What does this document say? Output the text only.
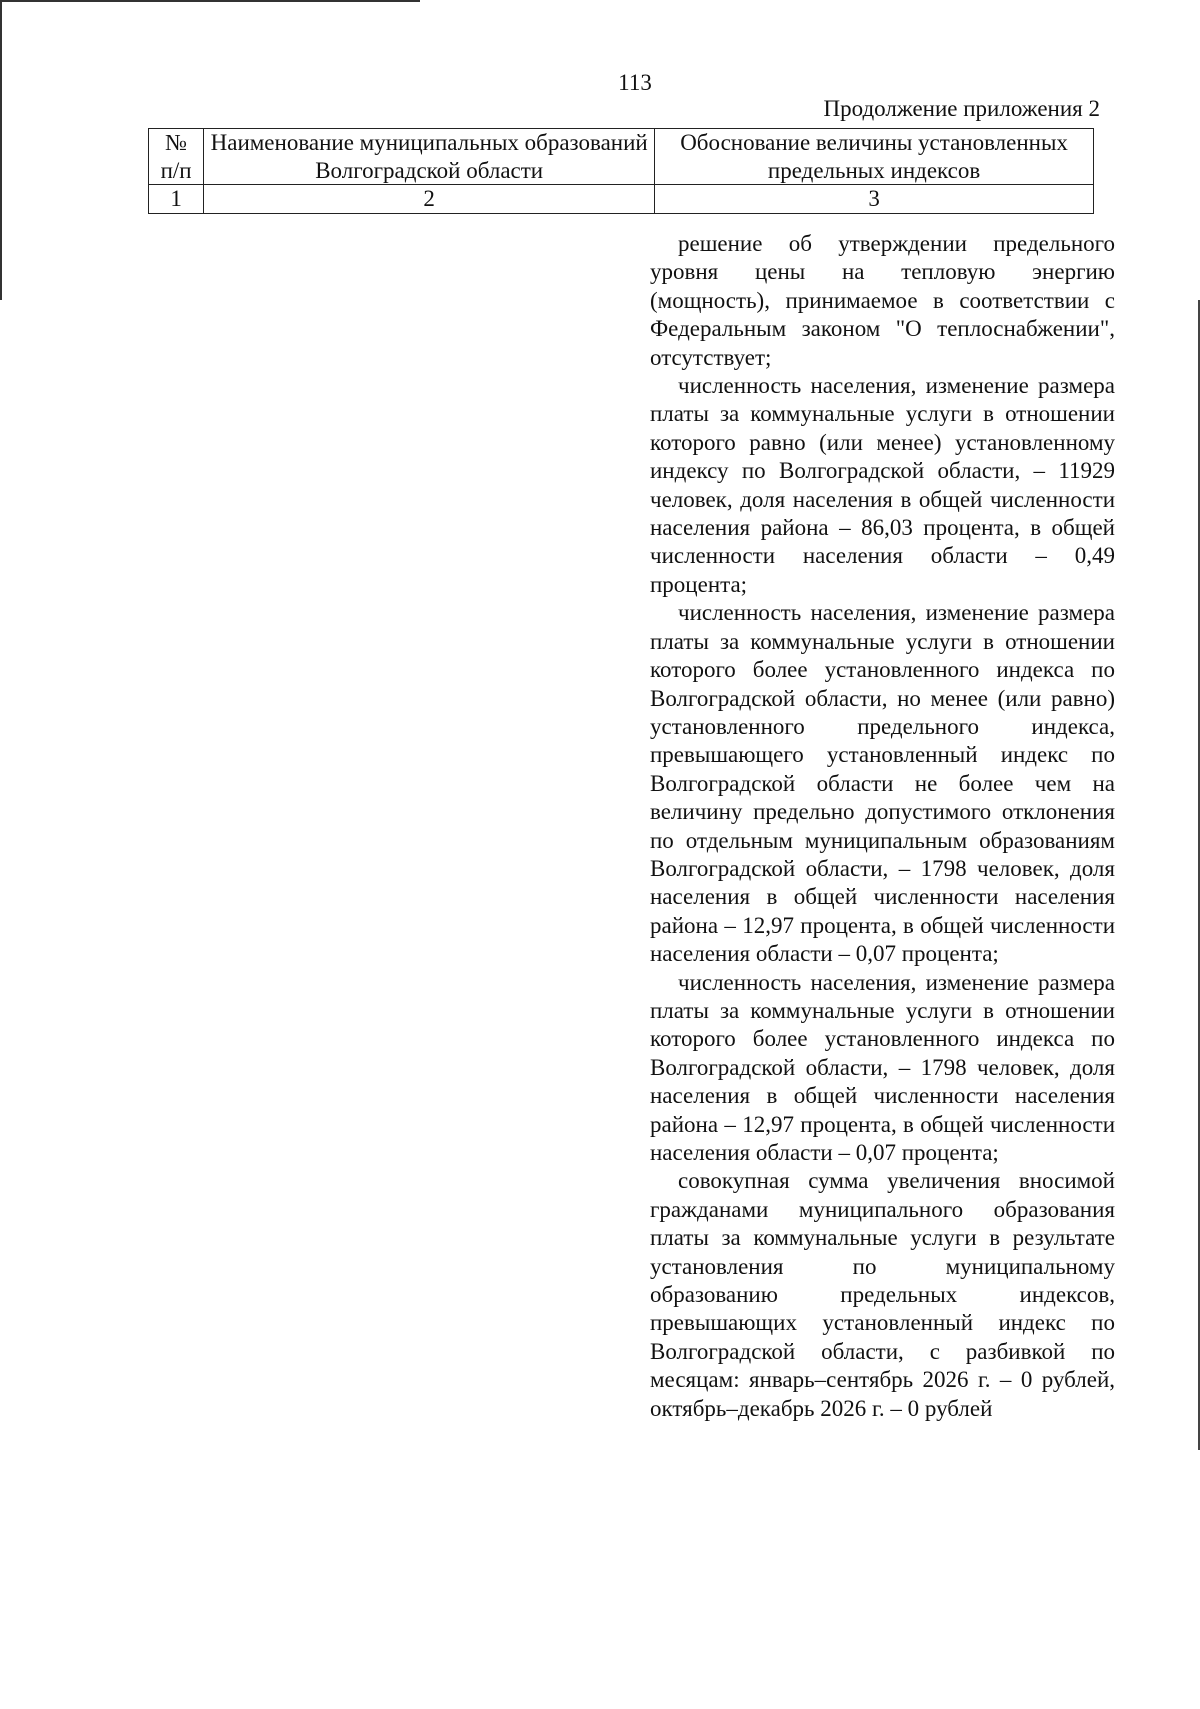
113
Продолжение приложения 2
№ п/п	Наименование муниципальных образований Волгоградской области	Обоснование величины установленных предельных индексов
1	2	3

решение об утверждении предельного уровня цены на тепловую энергию (мощность), принимаемое в соответствии с Федеральным законом "О теплоснабжении", отсутствует;

численность населения, изменение размера платы за коммунальные услуги в отношении которого равно (или менее) установленному индексу по Волгоградской области, – 11929 человек, доля населения в общей численности населения района – 86,03 процента, в общей численности населения области – 0,49 процента;

численность населения, изменение размера платы за коммунальные услуги в отношении которого более установленного индекса по Волгоградской области, но менее (или равно) установленного предельного индекса, превышающего установленный индекс по Волгоградской области не более чем на величину предельно допустимого отклонения по отдельным муниципальным образованиям Волгоградской области, – 1798 человек, доля населения в общей численности населения района – 12,97 процента, в общей численности населения области – 0,07 процента;

численность населения, изменение размера платы за коммунальные услуги в отношении которого более установленного индекса по Волгоградской области, – 1798 человек, доля населения в общей численности населения района – 12,97 процента, в общей численности населения области – 0,07 процента;

совокупная сумма увеличения вносимой гражданами муниципального образования платы за коммунальные услуги в результате установления по муниципальному образованию предельных индексов, превышающих установленный индекс по Волгоградской области, с разбивкой по месяцам: январь–сентябрь 2026 г. – 0 рублей, октябрь–декабрь 2026 г. – 0 рублей
